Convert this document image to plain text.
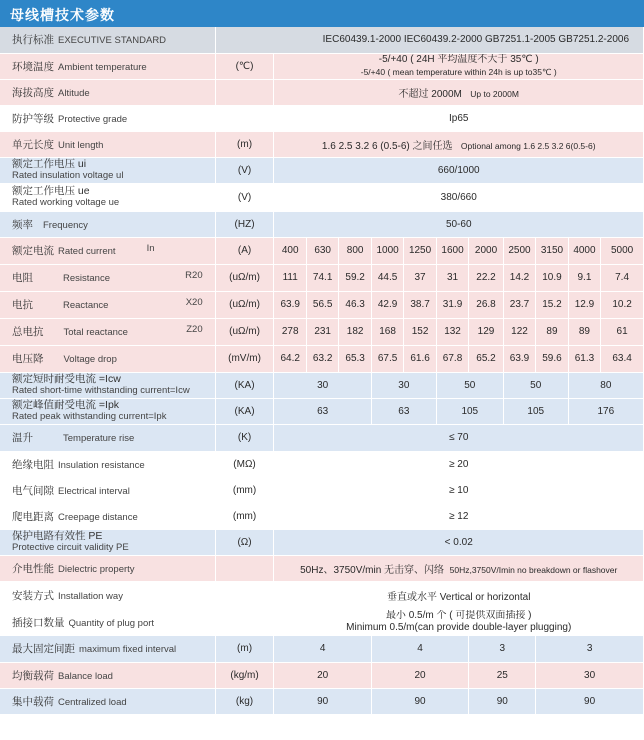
母线槽技术参数
执行标准 EXECUTIVE STANDARD	IEC60439.1-2000 IEC60439.2-2000 GB7251.1-2005 GB7251.2-2006											
环境温度 Ambient temperature	(℃)	-5/+40 ( 24H 平均温度不大于 35℃ )
-5/+40 ( mean temperature within 24h is up to35℃ )										

海拔高度 Altitude		不超过 2000M Up to 2000M										
防护等级 Protective grade		Ip65										
单元长度 Unit length	(m)	1.6 2.5 3.2 6 (0.5-6) 之间任选 Optional among 1.6 2.5 3.2 6(0.5-6)										
额定工作电压 ui
Rated insulation voltage ul	(V)	660/1000										
额定工作电压 ue
Rated working voltage ue	(V)	380/660										
频率 Frequency	(HZ)	50-60										
额定电流 Rated current In	(A)	400	630	800	1000	1250	1600	2000	2500	3150	4000	5000
电阻 Resistance R20	(uΩ/m)	111	74.1	59.2	44.5	37	31	22.2	14.2	10.9	9.1	7.4
电抗 Reactance X20	(uΩ/m)	63.9	56.5	46.3	42.9	38.7	31.9	26.8	23.7	15.2	12.9	10.2
总电抗 Total reactance Z20	(uΩ/m)	278	231	182	168	152	132	129	122	89	89	61
电压降 Voltage drop	(mV/m)	64.2	63.2	65.3	67.5	61.6	67.8	65.2	63.9	59.6	61.3	63.4
额定短时耐受电流 =Icw
Rated short-time withstanding current=Icw	(KA)	30			30		50		50		80	
额定峰值耐受电流 =Ipk
Rated peak withstanding current=Ipk	(KA)	63			63		105		105		176	
温升 Temperature rise	(K)	≤ 70										
绝缘电阻 Insulation resistance	(MΩ)	≥ 20										
电气间隙 Electrical interval	(mm)	≥ 10										
爬电距离 Creepage distance	(mm)	≥ 12										
保护电路有效性 PE
Protective circuit validity PE	(Ω)	< 0.02										
介电性能 Dielectric property		50Hz、3750V/min 无击穿、闪络 50Hz,3750V/Imin no breakdown or flashover										
安装方式 Installation way		垂直或水平 Vertical or horizontal										
插接口数量 Quantity of plug port		最小 0.5/m 个 ( 可提供双面插接 )
Minimum 0.5/m(can provide double-layer plugging)										

最大固定间距 maximum fixed interval	(m)	4			4			3		3		
均衡载荷 Balance load	(kg/m)	20			20			25		30		
集中载荷 Centralized load	(kg)	90			90			90		90		
